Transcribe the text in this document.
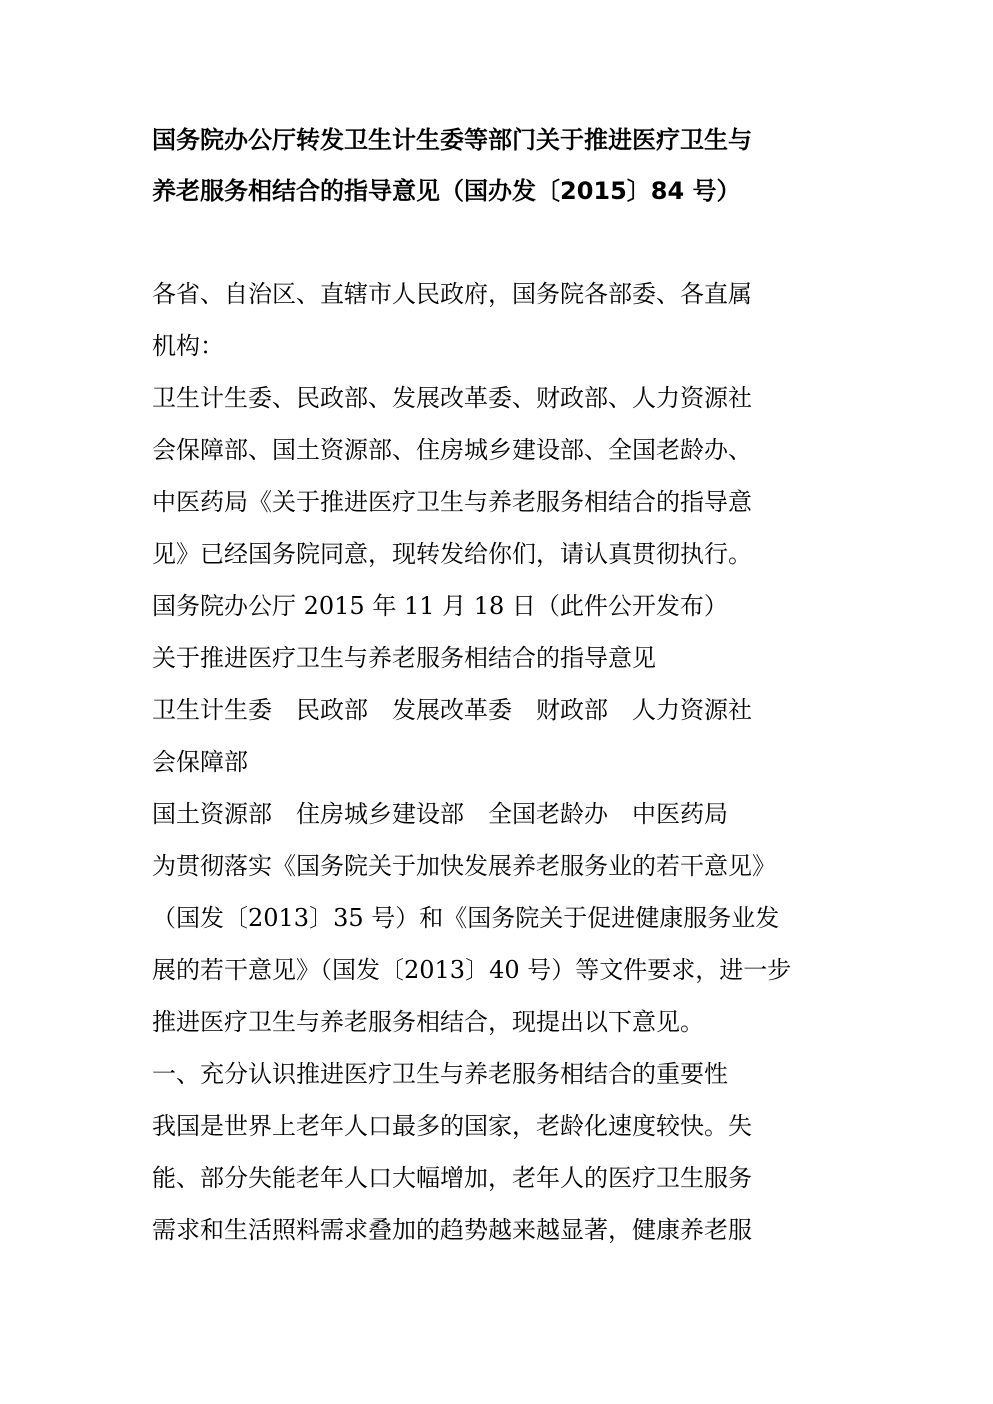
国务院办公厅转发卫生计生委等部门关于推进医疗卫生与
养老服务相结合的指导意见（国办发〔2015〕84 号）
各省、自治区、直辖市人民政府，国务院各部委、各直属
机构：
卫生计生委、民政部、发展改革委、财政部、人力资源社
会保障部、国土资源部、住房城乡建设部、全国老龄办、
中医药局《关于推进医疗卫生与养老服务相结合的指导意
见》已经国务院同意，现转发给你们，请认真贯彻执行。
国务院办公厅 2015 年 11 月 18 日（此件公开发布）
关于推进医疗卫生与养老服务相结合的指导意见
卫生计生委　民政部　发展改革委　财政部　人力资源社
会保障部
国土资源部　住房城乡建设部　全国老龄办　中医药局
为贯彻落实《国务院关于加快发展养老服务业的若干意见》
（国发〔2013〕35 号）和《国务院关于促进健康服务业发
展的若干意见》（国发〔2013〕40 号）等文件要求，进一步
推进医疗卫生与养老服务相结合，现提出以下意见。
一、充分认识推进医疗卫生与养老服务相结合的重要性
我国是世界上老年人口最多的国家，老龄化速度较快。失
能、部分失能老年人口大幅增加，老年人的医疗卫生服务
需求和生活照料需求叠加的趋势越来越显著，健康养老服
